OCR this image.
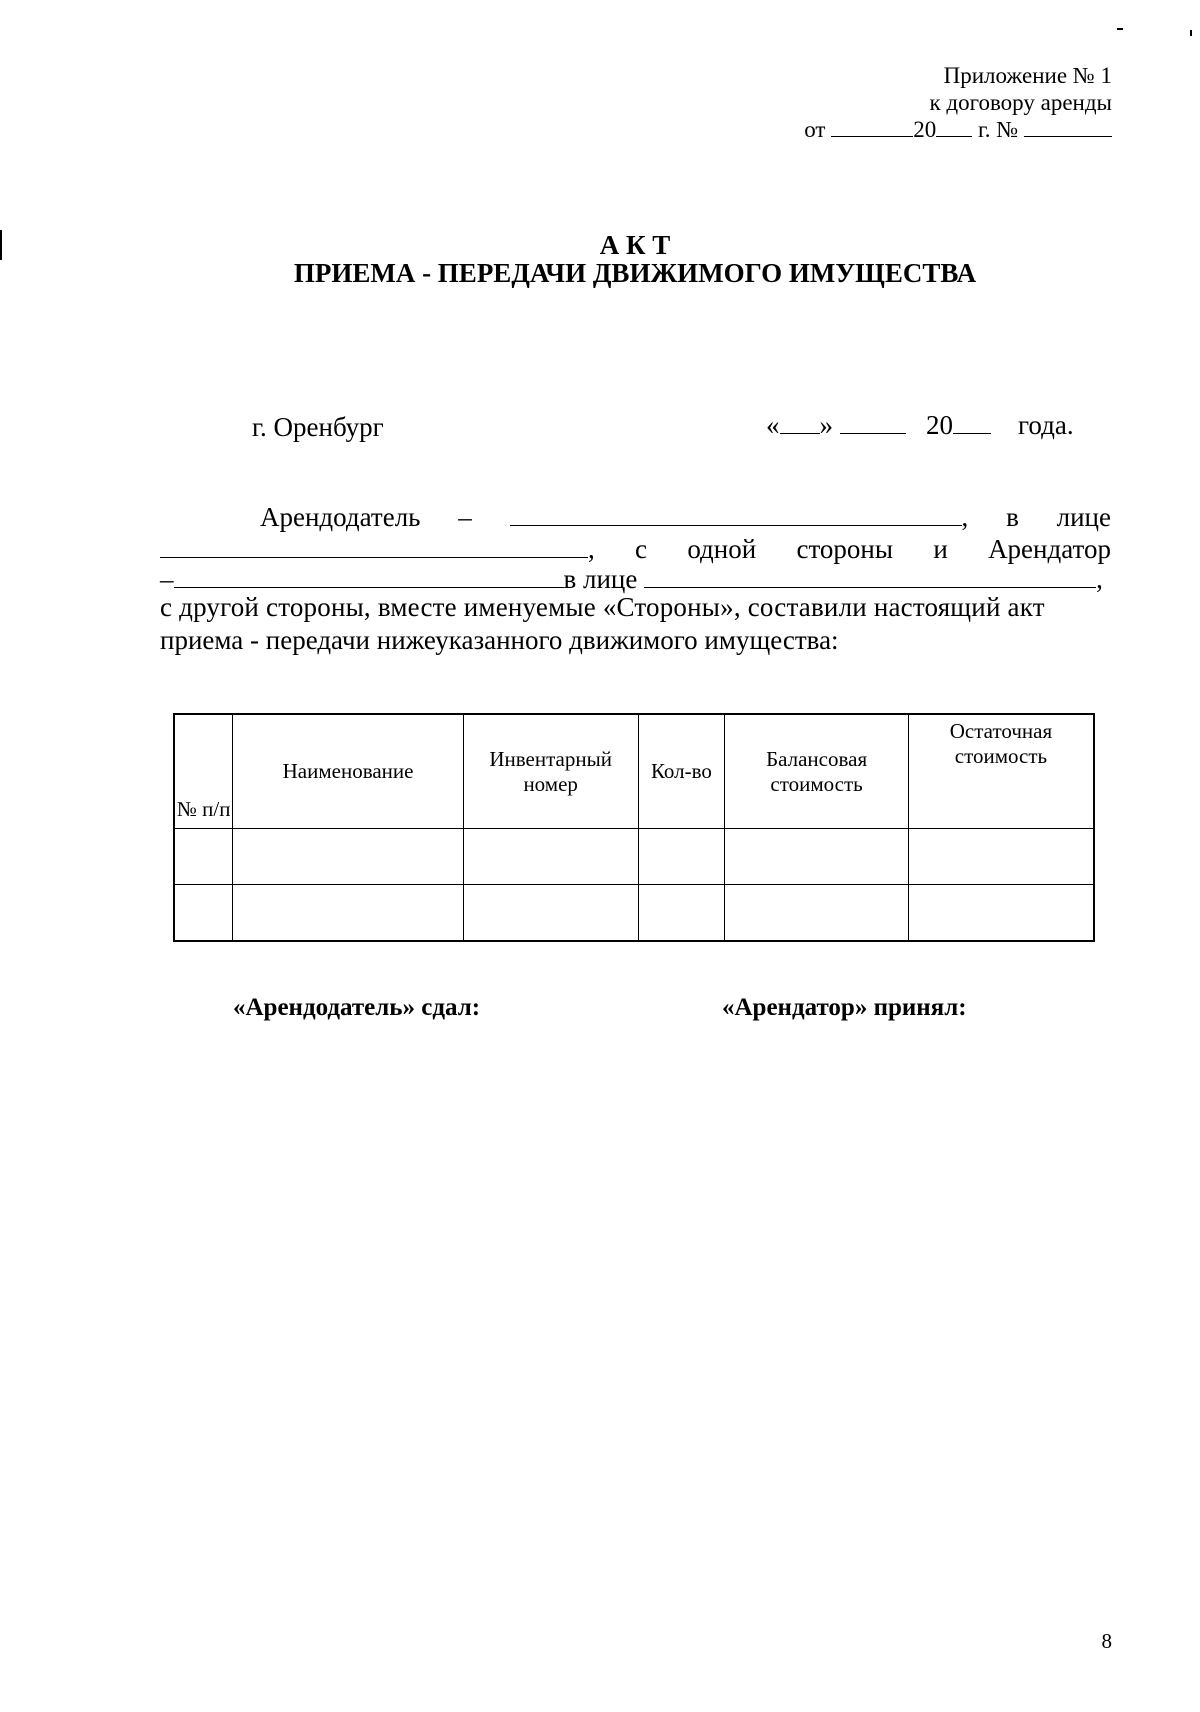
Приложение № 1
к договору аренды
от	20 г. №
А К Т
ПРИЕМА - ПЕРЕДАЧИ ДВИЖИМОГО ИМУЩЕСТВА
г. Оренбург	« »	20 года.
Арендодатель –	, в лице
, с одной стороны и Арендатор
–	в лице	,
с другой стороны, вместе именуемые «Стороны», составили настоящий акт
приема - передачи нижеуказанного движимого имущества:
№ п/п	Наименование	Инвентарный номер	Кол-во	Балансовая стоимость	Остаточная стоимость

«Арендодатель» сдал:	«Арендатор» принял:
8
